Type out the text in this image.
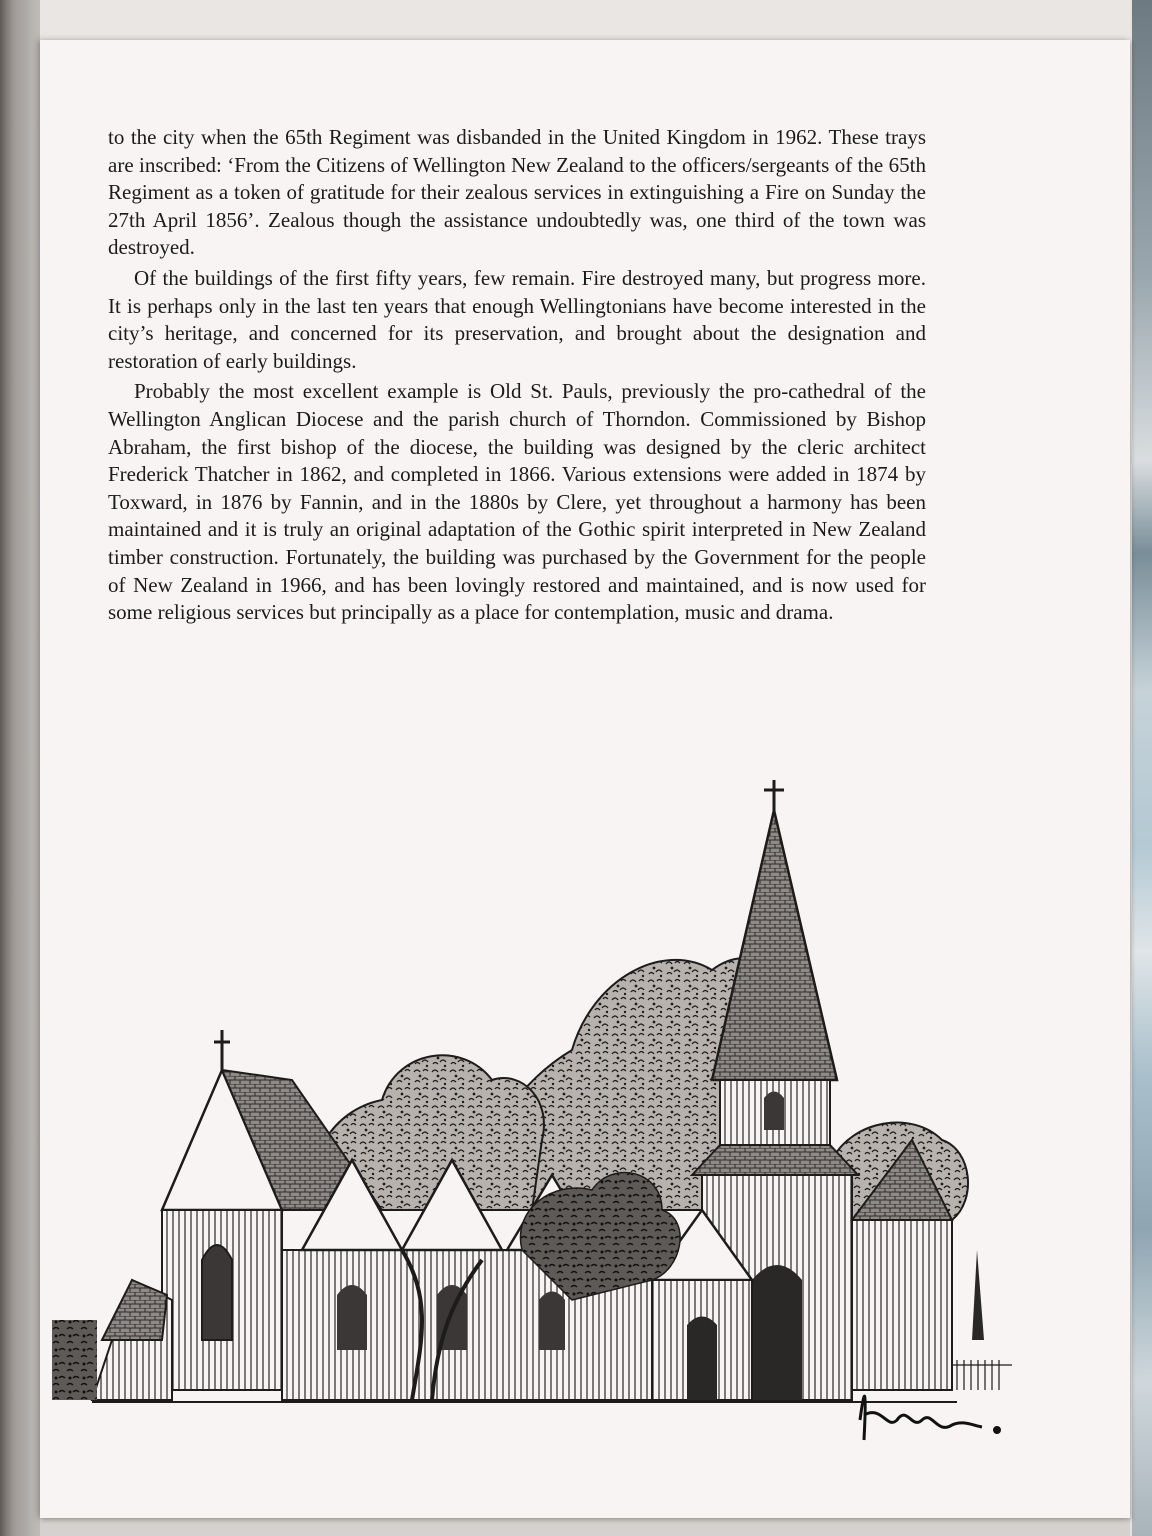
to the city when the 65th Regiment was disbanded in the United Kingdom in 1962. These trays are inscribed: ‘From the Citizens of Wellington New Zealand to the officers/sergeants of the 65th Regiment as a token of gratitude for their zealous services in extinguishing a Fire on Sunday the 27th April 1856’. Zealous though the assistance undoubtedly was, one third of the town was destroyed.

Of the buildings of the first fifty years, few remain. Fire destroyed many, but progress more. It is perhaps only in the last ten years that enough Wellingtonians have become interested in the city’s heritage, and concerned for its preservation, and brought about the designation and restoration of early buildings.

Probably the most excellent example is Old St. Pauls, previously the pro-cathedral of the Wellington Anglican Diocese and the parish church of Thorndon. Commissioned by Bishop Abraham, the first bishop of the diocese, the building was designed by the cleric architect Frederick Thatcher in 1862, and completed in 1866. Various extensions were added in 1874 by Toxward, in 1876 by Fannin, and in the 1880s by Clere, yet throughout a harmony has been maintained and it is truly an original adaptation of the Gothic spirit interpreted in New Zealand timber construction. Fortunately, the building was purchased by the Government for the people of New Zealand in 1966, and has been lovingly restored and maintained, and is now used for some religious services but principally as a place for contemplation, music and drama.
